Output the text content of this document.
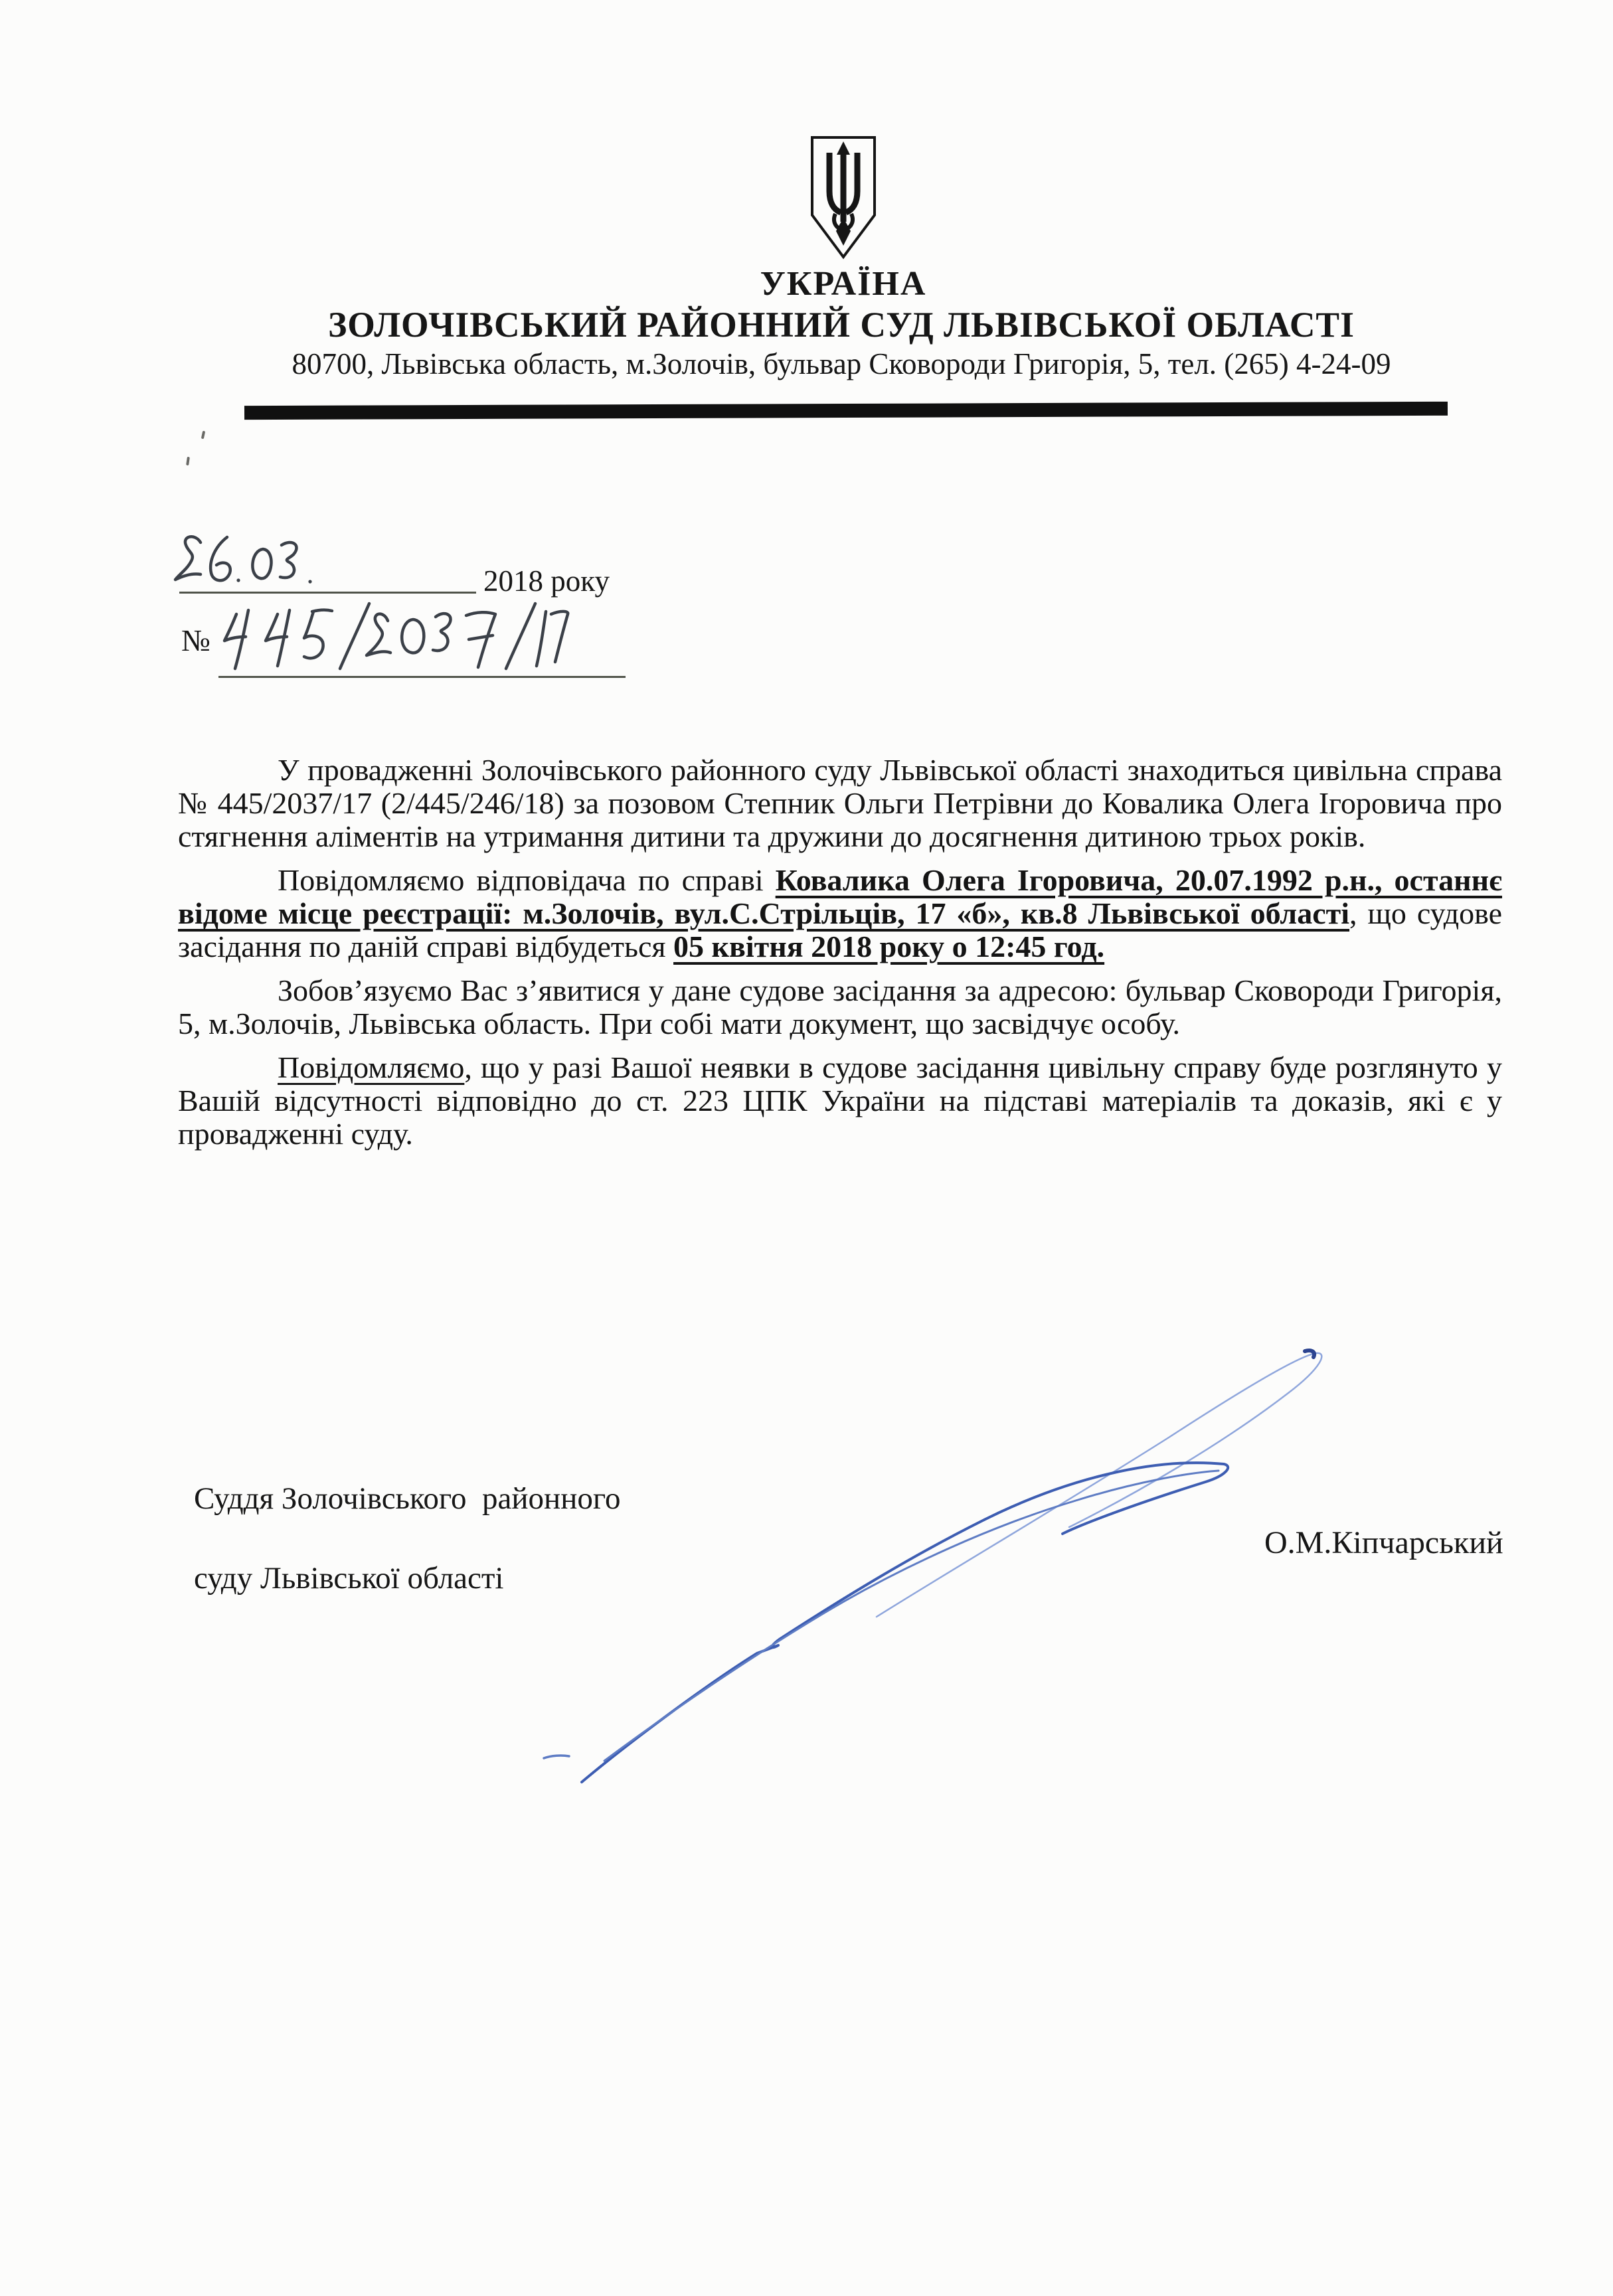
УКРАЇНА
ЗОЛОЧІВСЬКИЙ РАЙОННИЙ СУД ЛЬВІВСЬКОЇ ОБЛАСТІ
80700, Львівська область, м.Золочів, бульвар Сковороди Григорія, 5, тел. (265) 4-24-09
2018 року
№

У провадженні Золочівського районного суду Львівської області знаходиться цивільна справа № 445/2037/17 (2/445/246/18) за позовом Степник Ольги Петрівни до Ковалика Олега Ігоровича про стягнення аліментів на утримання дитини та дружини до досягнення дитиною трьох років.

Повідомляємо відповідача по справі Ковалика Олега Ігоровича, 20.07.1992 р.н., останнє відоме місце реєстрації: м.Золочів, вул.С.Стрільців, 17 «б», кв.8 Львівської області, що судове засідання по даній справі відбудеться 05 квітня 2018 року о 12:45 год.

Зобов’язуємо Вас з’явитися у дане судове засідання за адресою: бульвар Сковороди Григорія, 5, м.Золочів, Львівська область. При собі мати документ, що засвідчує особу.

Повідомляємо, що у разі Вашої неявки в судове засідання цивільну справу буде розглянуто у Вашій відсутності відповідно до ст. 223 ЦПК України на підставі матеріалів та доказів, які є у провадженні суду.

Суддя Золочівського  районного
суду Львівської області
О.М.Кіпчарський
